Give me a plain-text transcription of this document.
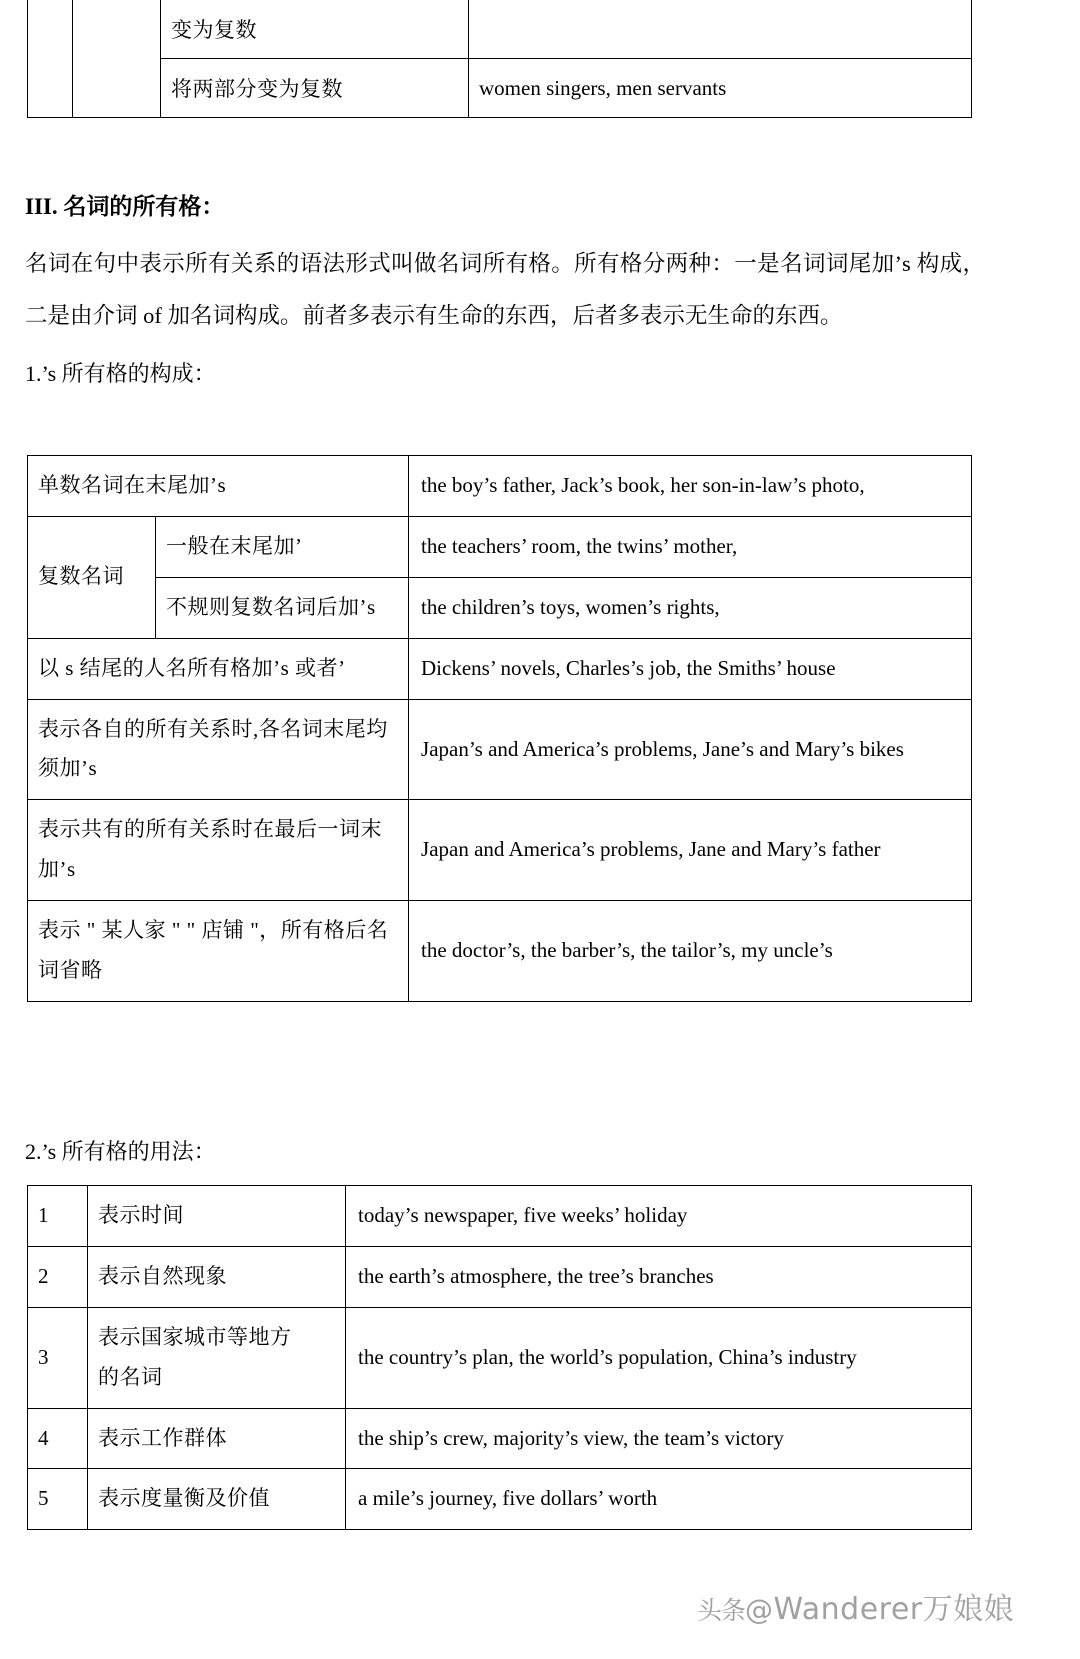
		变为复数	

		将两部分变为复数	women singers, men servants
III. 名词的所有格：
名词在句中表示所有关系的语法形式叫做名词所有格。所有格分两种：一是名词词尾加’s 构成，二是由介词 of 加名词构成。前者多表示有生命的东西，后者多表示无生命的东西。
1.’s 所有格的构成：
单数名词在末尾加’s		the boy’s father, Jack’s book, her son-in-law’s photo,

复数名词	一般在末尾加’	the teachers’ room, the twins’ mother,

	不规则复数名词后加’s	the children’s toys, women’s rights,

以 s 结尾的人名所有格加’s 或者’		Dickens’ novels, Charles’s job, the Smiths’ house

表示各自的所有关系时,各名词末尾均须加’s		Japan’s and America’s problems, Jane’s and Mary’s bikes

表示共有的所有关系时在最后一词末加’s		Japan and America’s problems, Jane and Mary’s father

表示 " 某人家 " " 店铺 "，所有格后名词省略		the doctor’s, the barber’s, the tailor’s, my uncle’s
2.’s 所有格的用法：
1	表示时间	today’s newspaper, five weeks’ holiday

2	表示自然现象	the earth’s atmosphere, the tree’s branches

3	表示国家城市等地方的名词	the country’s plan, the world’s population, China’s industry

4	表示工作群体	the ship’s crew, majority’s view, the team’s victory

5	表示度量衡及价值	a mile’s journey, five dollars’ worth
头条@Wanderer万娘娘
